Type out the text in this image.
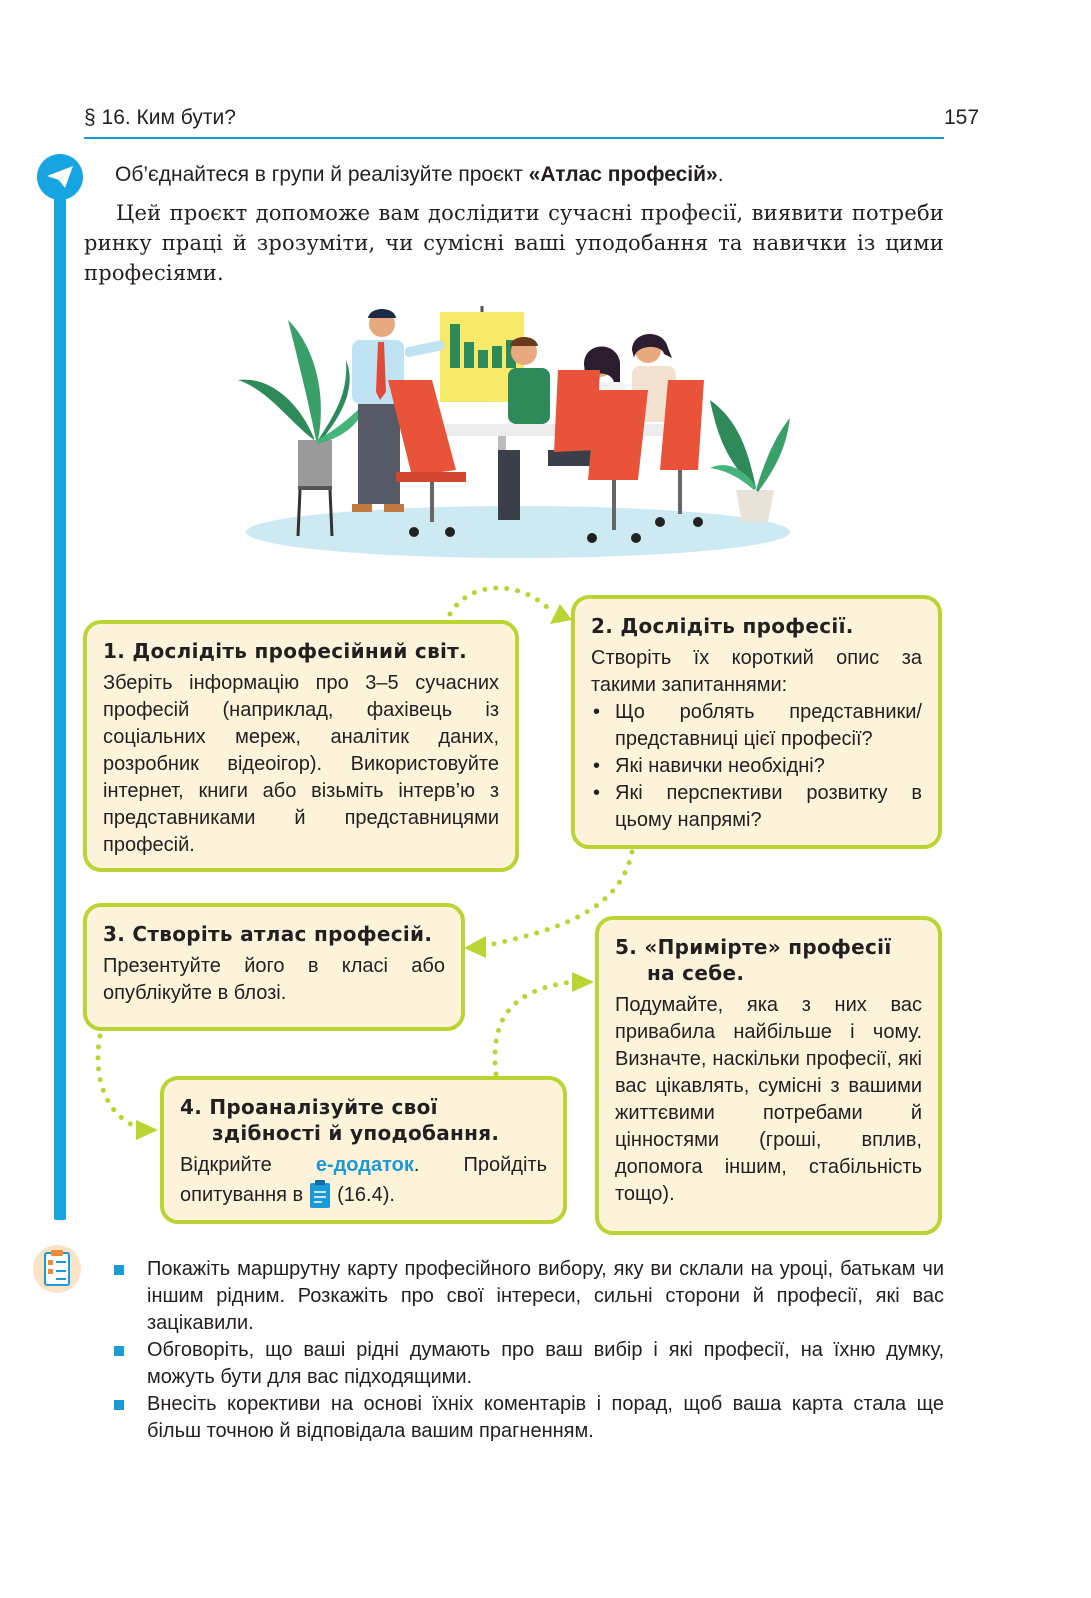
§ 16. Ким бути?	157
Об’єднайтеся в групи й реалізуйте проєкт «Атлас професій».
Цей проєкт допоможе вам дослідити сучасні професії, виявити потреби ринку праці й зрозуміти, чи сумісні ваші уподобання та навички із цими професіями.
1. Дослідіть професійний світ.

Зберіть інформацію про 3–5 сучасних професій (наприклад, фахівець із соціальних мереж, аналітик даних, розробник відеоігор). Використовуйте інтернет, книги або візьміть інтерв’ю з представниками й представницями професій.

2. Дослідіть професії.

Створіть їх короткий опис за такими запитаннями:

• Що роблять представники/ представниці цієї професії?
• Які навички необхідні?
• Які перспективи розвитку в цьому напрямі?
3. Створіть атлас професій.

Презентуйте його в класі або опублікуйте в блозі.

4. Проаналізуйте свої здібності й уподобання.

Відкрийте е-додаток. Пройдіть опитування в (16.4).

5. «Приміртe» професії на себе.

Подумайте, яка з них вас привабила найбільше і чому. Визначте, наскільки професії, які вас цікавлять, сумісні з вашими життєвими потребами й цінностями (гроші, вплив, допомога іншим, стабільність тощо).

Покажіть маршрутну карту професійного вибору, яку ви склали на уроці, батькам чи іншим рідним. Розкажіть про свої інтереси, сильні сторони й професії, які вас зацікавили.
Обговоріть, що ваші рідні думають про ваш вибір і які професії, на їхню думку, можуть бути для вас підходящими.
Внесіть корективи на основі їхніх коментарів і порад, щоб ваша карта стала ще більш точною й відповідала вашим прагненням.
